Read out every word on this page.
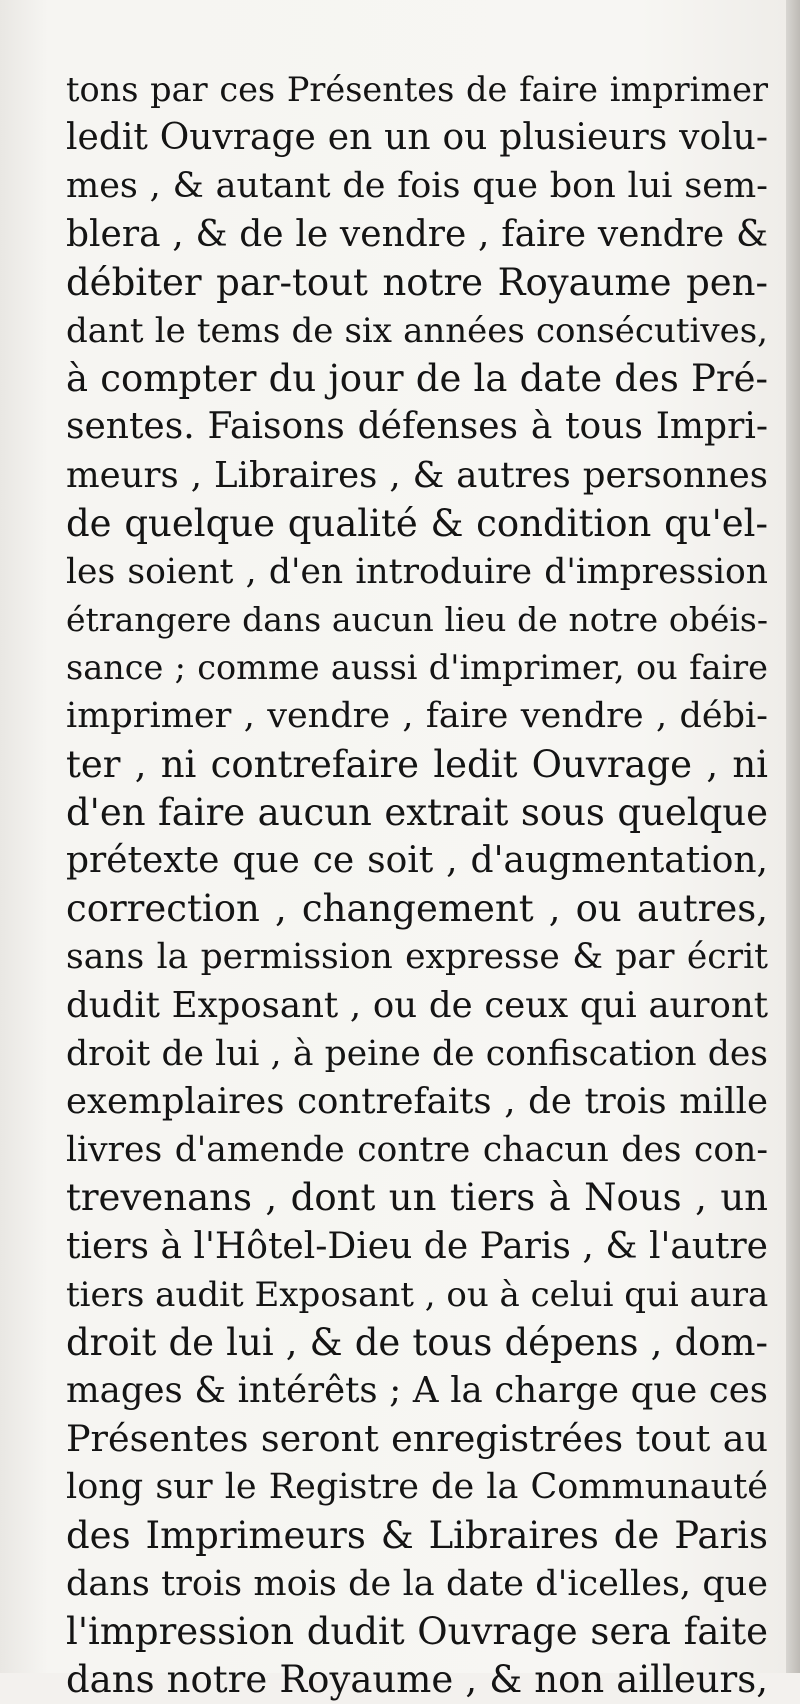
tons par ces Présentes de faire imprimer
ledit Ouvrage en un ou plusieurs volu-
mes , & autant de fois que bon lui sem-
blera , & de le vendre , faire vendre &
débiter par-tout notre Royaume pen-
dant le tems de six années consécutives,
à compter du jour de la date des Pré-
sentes. Faisons défenses à tous Impri-
meurs , Libraires , & autres personnes
de quelque qualité & condition qu'el-
les soient , d'en introduire d'impression
étrangere dans aucun lieu de notre obéis-
sance ; comme aussi d'imprimer, ou faire
imprimer , vendre , faire vendre , débi-
ter , ni contrefaire ledit Ouvrage , ni
d'en faire aucun extrait sous quelque
prétexte que ce soit , d'augmentation,
correction , changement , ou autres,
sans la permission expresse & par écrit
dudit Exposant , ou de ceux qui auront
droit de lui , à peine de confiscation des
exemplaires contrefaits , de trois mille
livres d'amende contre chacun des con-
trevenans , dont un tiers à Nous , un
tiers à l'Hôtel-Dieu de Paris , & l'autre
tiers audit Exposant , ou à celui qui aura
droit de lui , & de tous dépens , dom-
mages & intérêts ; A la charge que ces
Présentes seront enregistrées tout au
long sur le Registre de la Communauté
des Imprimeurs & Libraires de Paris
dans trois mois de la date d'icelles, que
l'impression dudit Ouvrage sera faite
dans notre Royaume , & non ailleurs,
